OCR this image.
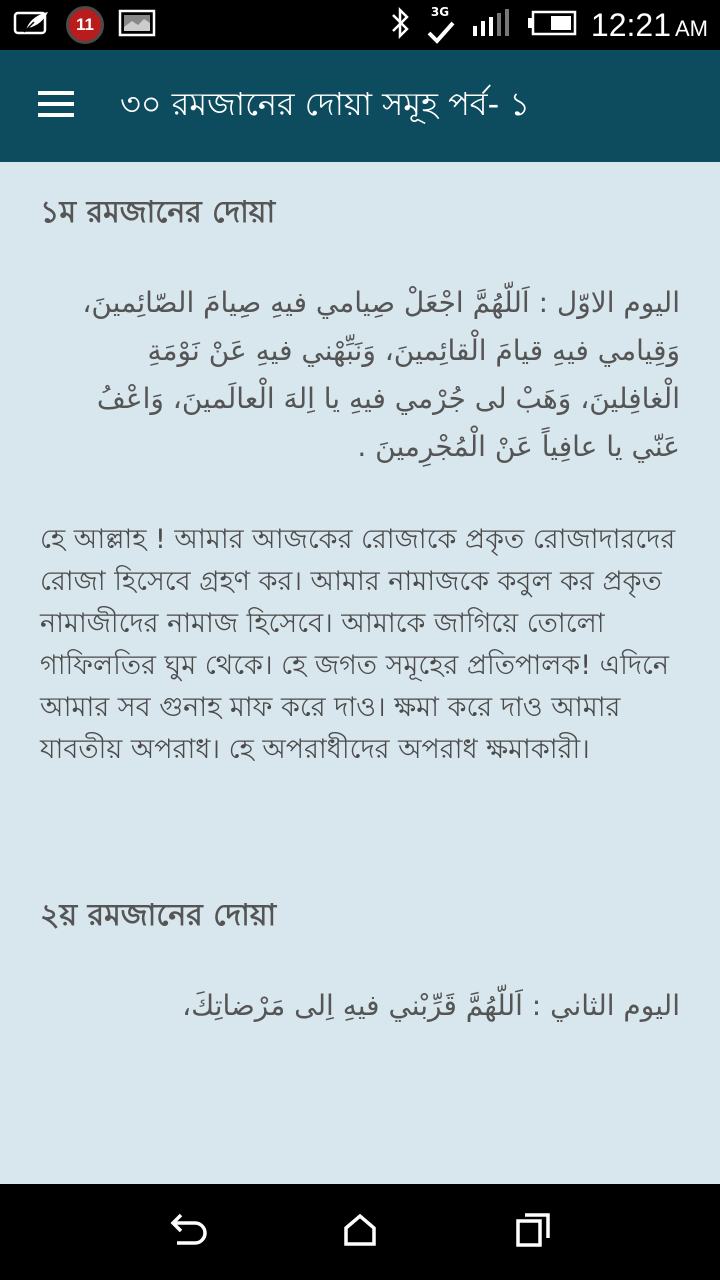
11
3G	12:21 AM
৩০ রমজানের দোয়া সমূহ পর্ব- ১
১ম রমজানের দোয়া
اليوم الاوّل : اَللّهُمَّ اجْعَلْ صِيامي فيهِ صِيامَ الصّائِمينَ، وَقِيامي فيهِ قيامَ الْقائِمينَ، وَنَبِّهْني فيهِ عَنْ نَوْمَةِ الْغافِلينَ، وَهَبْ لى جُرْمي فيهِ يا اِلهَ الْعالَمينَ، وَاعْفُ عَنّي يا عافِياً عَنْ الْمُجْرِمينَ .
হে আল্লাহ ! আমার আজকের রোজাকে প্রকৃত রোজাদারদের রোজা হিসেবে গ্রহণ কর। আমার নামাজকে কবুল কর প্রকৃত নামাজীদের নামাজ হিসেবে। আমাকে জাগিয়ে তোলো গাফিলতির ঘুম থেকে। হে জগত সমূহের প্রতিপালক! এদিনে আমার সব গুনাহ মাফ করে দাও। ক্ষমা করে দাও আমার যাবতীয় অপরাধ। হে অপরাধীদের অপরাধ ক্ষমাকারী।
২য় রমজানের দোয়া
اليوم الثاني : اَللّهُمَّ قَرِّبْني فيهِ اِلى مَرْضاتِكَ،
